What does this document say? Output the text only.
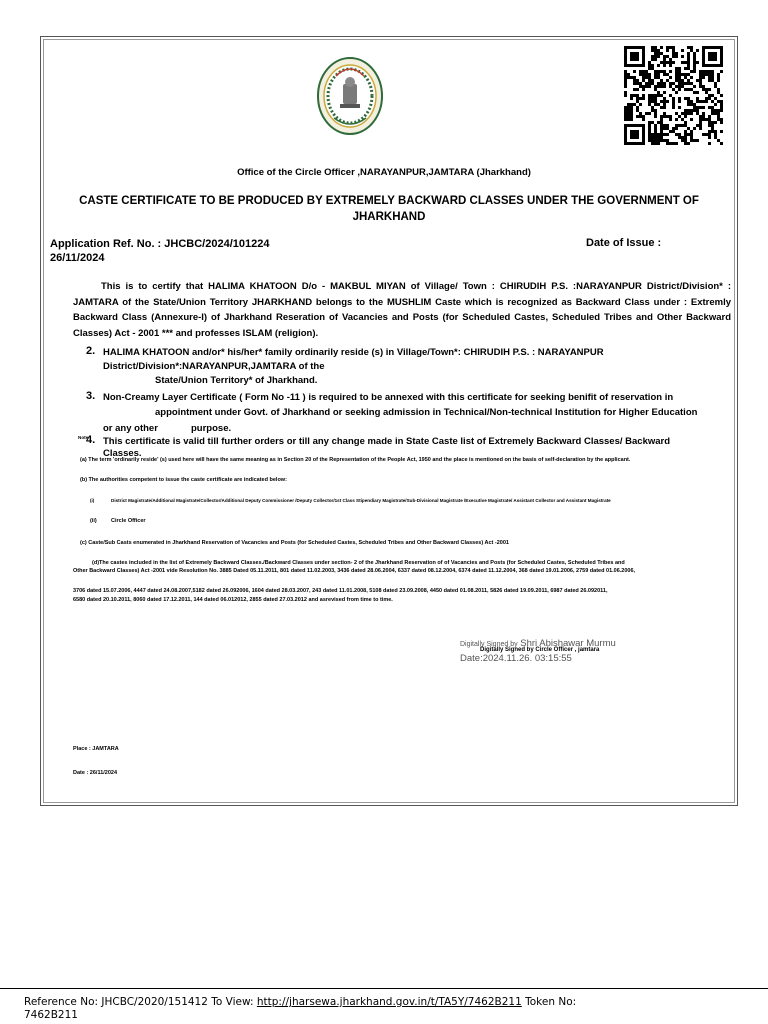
Office of the Circle Officer ,NARAYANPUR,JAMTARA (Jharkhand)
CASTE CERTIFICATE TO BE PRODUCED BY EXTREMELY BACKWARD CLASSES UNDER THE GOVERNMENT OF JHARKHAND
Application Ref. No. : JHCBC/2024/101224	Date of Issue :
26/11/2024
This is to certify that HALIMA KHATOON D/o - MAKBUL MIYAN of Village/ Town : CHIRUDIH P.S. :NARAYANPUR District/Division* : JAMTARA of the State/Union Territory JHARKHAND belongs to the MUSHLIM Caste which is recognized as Backward Class under : Extremly Backward Class (Annexure-I) of Jharkhand Reseration of Vacancies and Posts (for Scheduled Castes, Scheduled Tribes and Other Backward Classes) Act - 2001 *** and professes ISLAM (religion).
2. HALIMA KHATOON and/or* his/her* family ordinarily reside (s) in Village/Town*: CHIRUDIH P.S. : NARAYANPUR
District/Division*:NARAYANPUR,JAMTARA of the
State/Union Territory* of Jharkhand.
3. Non-Creamy Layer Certificate ( Form No -11 ) is required to be annexed with this certificate for seeking benifit of reservation in
appointment under Govt. of Jharkhand or seeking admission in Technical/Non-technical Institution for Higher Education
or any other	purpose.
Note
4. This certificate is valid till further orders or till any change made in State Caste list of Extremely Backward Classes/ Backward
Classes.
(a) The term 'ordinarily reside' (s) used here will have the same meaning as in Section 20 of the Representation of the People Act, 1950 and the place is mentioned on the basis of self-declaration by the applicant.
(b) The authorities competent to issue the caste certificate are indicated below:
(i)	District Magistrate/Additional Magistrate/Collector/Additional Deputy Commissioner /Deputy Collector/1st Class Stipendiary Magistrate/Sub-Divisional Magistrate /Executive Magistrate/ Assistant Collector and Assistant Magistrate
(ii)	Circle Officer
(c) Caste/Sub Casts enumerated in Jharkhand Reservation of Vacancies and Posts (for Scheduled Castes, Scheduled Tribes and Other Backward Classes) Act -2001
(d)The castes included in the list of Extremely Backward Classes./Backward Classes under section- 2 of the Jharkhand Reservation of of Vacancies and Posts (for Scheduled Castes, Scheduled Tribes and
Other Backward Classes) Act -2001 vide Resolution No. 3885 Dated 05.11.2011, 801 dated 11.02.2003, 3436 dated 28.06.2004, 6337 dated 08.12.2004, 6374 dated 11.12.2004, 368 dated 19.01.2006, 2759 dated 01.06.2006,
3706 dated 15.07.2006, 4447 dated 24.08.2007,5182 dated 26.092006, 1604 dated 28.03.2007, 243 dated 11.01.2008, 5108 dated 23.09.2008, 4450 dated 01.08.2011, 5826 dated 19.09.2011, 6987 dated 26.092011,
6580 dated 20.10.2011, 8060 dated 17.12.2011, 144 dated 06.012012, 2855 dated 27.03.2012 and asrevised from time to time.
Digitally Signed by Shri Abishawar Murmu
Digitally Signed by Circle Officer , jamtara
Date:2024.11.26. 03:15:55
Place : JAMTARA
Date : 26/11/2024
Reference No: JHCBC/2020/151412 To View: http://jharsewa.jharkhand.gov.in/t/TA5Y/7462B211 Token No:
7462B211
